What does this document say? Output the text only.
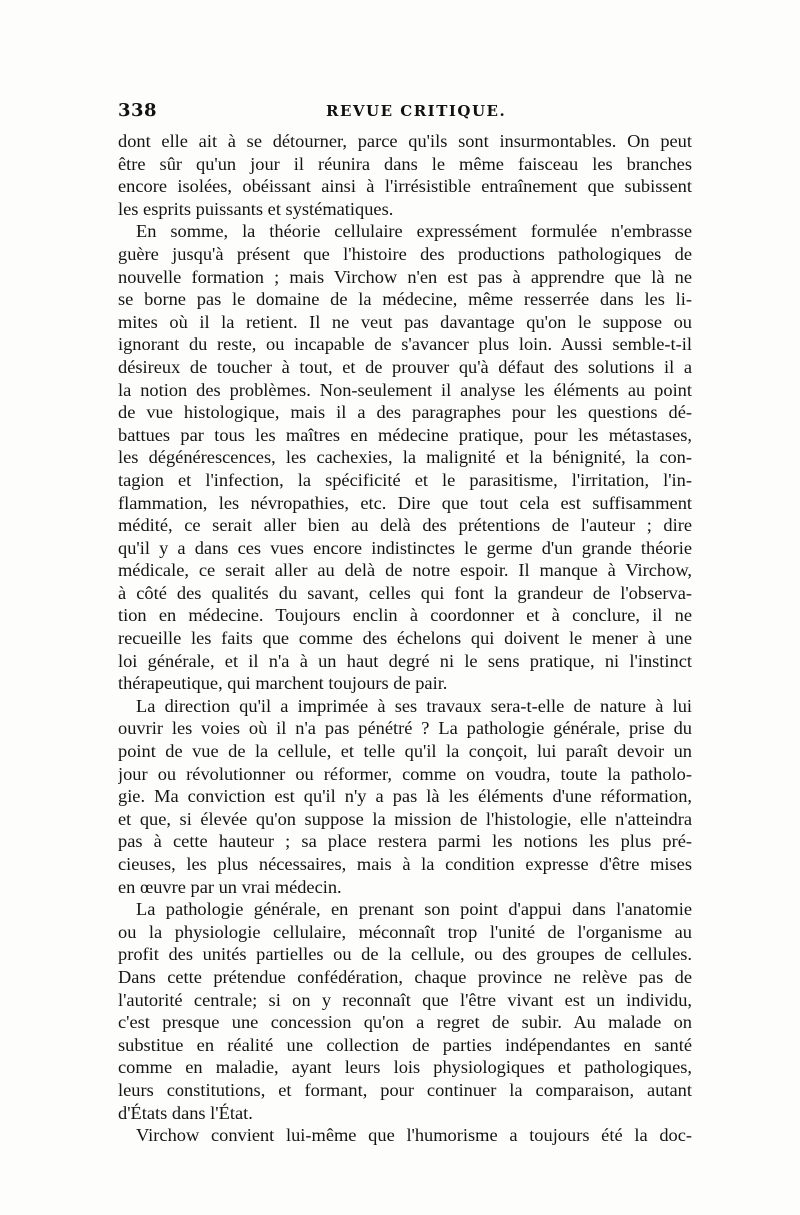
338	REVUE CRITIQUE.
dont elle ait à se détourner, parce qu'ils sont insurmontables. On peut
être sûr qu'un jour il réunira dans le même faisceau les branches
encore isolées, obéissant ainsi à l'irrésistible entraînement que subissent
les esprits puissants et systématiques.
En somme, la théorie cellulaire expressément formulée n'embrasse
guère jusqu'à présent que l'histoire des productions pathologiques de
nouvelle formation ; mais Virchow n'en est pas à apprendre que là ne
se borne pas le domaine de la médecine, même resserrée dans les li-
mites où il la retient. Il ne veut pas davantage qu'on le suppose ou
ignorant du reste, ou incapable de s'avancer plus loin. Aussi semble-t-il
désireux de toucher à tout, et de prouver qu'à défaut des solutions il a
la notion des problèmes. Non-seulement il analyse les éléments au point
de vue histologique, mais il a des paragraphes pour les questions dé-
battues par tous les maîtres en médecine pratique, pour les métastases,
les dégénérescences, les cachexies, la malignité et la bénignité, la con-
tagion et l'infection, la spécificité et le parasitisme, l'irritation, l'in-
flammation, les névropathies, etc. Dire que tout cela est suffisamment
médité, ce serait aller bien au delà des prétentions de l'auteur ; dire
qu'il y a dans ces vues encore indistinctes le germe d'un grande théorie
médicale, ce serait aller au delà de notre espoir. Il manque à Virchow,
à côté des qualités du savant, celles qui font la grandeur de l'observa-
tion en médecine. Toujours enclin à coordonner et à conclure, il ne
recueille les faits que comme des échelons qui doivent le mener à une
loi générale, et il n'a à un haut degré ni le sens pratique, ni l'instinct
thérapeutique, qui marchent toujours de pair.
La direction qu'il a imprimée à ses travaux sera-t-elle de nature à lui
ouvrir les voies où il n'a pas pénétré ? La pathologie générale, prise du
point de vue de la cellule, et telle qu'il la conçoit, lui paraît devoir un
jour ou révolutionner ou réformer, comme on voudra, toute la patholo-
gie. Ma conviction est qu'il n'y a pas là les éléments d'une réformation,
et que, si élevée qu'on suppose la mission de l'histologie, elle n'atteindra
pas à cette hauteur ; sa place restera parmi les notions les plus pré-
cieuses, les plus nécessaires, mais à la condition expresse d'être mises
en œuvre par un vrai médecin.
La pathologie générale, en prenant son point d'appui dans l'anatomie
ou la physiologie cellulaire, méconnaît trop l'unité de l'organisme au
profit des unités partielles ou de la cellule, ou des groupes de cellules.
Dans cette prétendue confédération, chaque province ne relève pas de
l'autorité centrale; si on y reconnaît que l'être vivant est un individu,
c'est presque une concession qu'on a regret de subir. Au malade on
substitue en réalité une collection de parties indépendantes en santé
comme en maladie, ayant leurs lois physiologiques et pathologiques,
leurs constitutions, et formant, pour continuer la comparaison, autant
d'États dans l'État.
Virchow convient lui-même que l'humorisme a toujours été la doc-
